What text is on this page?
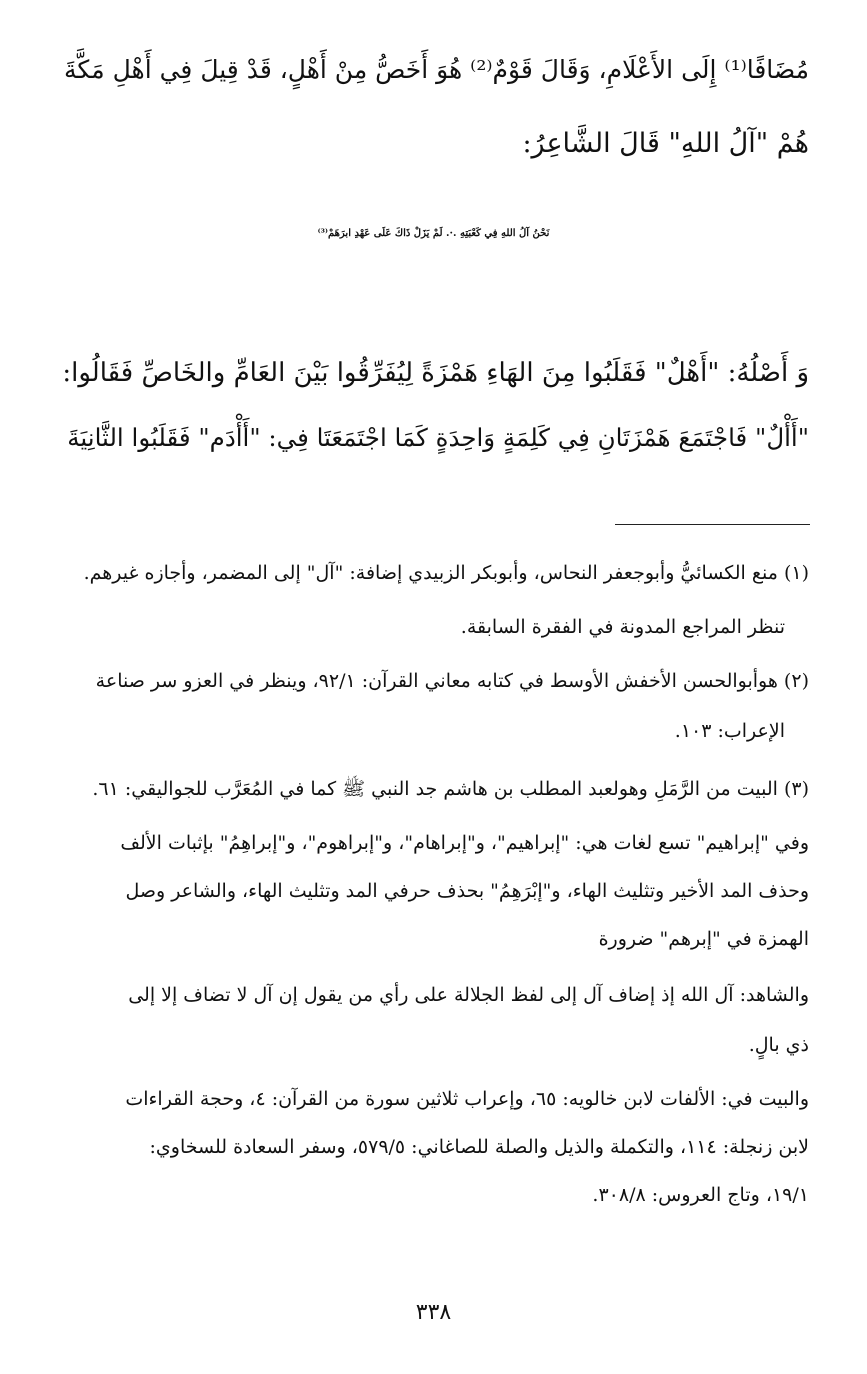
مُضَافًا⁽¹⁾ إِلَى الأَعْلَامِ، وَقَالَ قَوْمٌ⁽²⁾ هُوَ أَخَصُّ مِنْ أَهْلٍ، قَدْ قِيلَ فِي أَهْلِ مَكَّةَ
هُمْ "آلُ اللهِ" قَالَ الشَّاعِرُ:
نَحْنُ آلُ اللهِ فِي كَعْبَتِهِ .·. لَمْ يَزَلْ ذَاكَ عَلَى عَهْدِ ابرَهَمْ⁽³⁾
وَ أَصْلُهُ: "أَهْلٌ" فَقَلَبُوا مِنَ الهَاءِ هَمْزَةً لِيُفَرِّقُوا بَيْنَ العَامِّ والخَاصِّ فَقَالُوا:
"أَأْلٌ" فَاجْتَمَعَ هَمْزَتَانِ فِي كَلِمَةٍ وَاحِدَةٍ كَمَا اجْتَمَعَتَا فِي: "أَأْدَم" فَقَلَبُوا الثَّانِيَةَ
(١) منع الكسائيُّ وأبوجعفر النحاس، وأبوبكر الزبيدي إضافة: "آل" إلى المضمر، وأجازه غيرهم.
تنظر المراجع المدونة في الفقرة السابقة.
(٢) هوأبوالحسن الأخفش الأوسط في كتابه معاني القرآن: ٩٢/١، وينظر في العزو سر صناعة
الإعراب: ١٠٣.
(٣) البيت من الرَّمَلِ وهولعبد المطلب بن هاشم جد النبي ﷺ كما في المُعَرَّب للجواليقي: ٦١.
وفي "إبراهيم" تسع لغات هي: "إبراهيم"، و"إبراهام"، و"إبراهوم"، و"إبراهِمُ" بإثبات الألف
وحذف المد الأخير وتثليث الهاء، و"إبْرَهِمُ" بحذف حرفي المد وتثليث الهاء، والشاعر وصل
الهمزة في "إبرهم" ضرورة
والشاهد: آل الله إذ إضاف آل إلى لفظ الجلالة على رأي من يقول إن آل لا تضاف إلا إلى
ذي بالٍ.
والبيت في: الألفات لابن خالويه: ٦٥، وإعراب ثلاثين سورة من القرآن: ٤، وحجة القراءات
لابن زنجلة: ١١٤، والتكملة والذيل والصلة للصاغاني: ٥٧٩/٥، وسفر السعادة للسخاوي:
١٩/١، وتاج العروس: ٣٠٨/٨.
٣٣٨
